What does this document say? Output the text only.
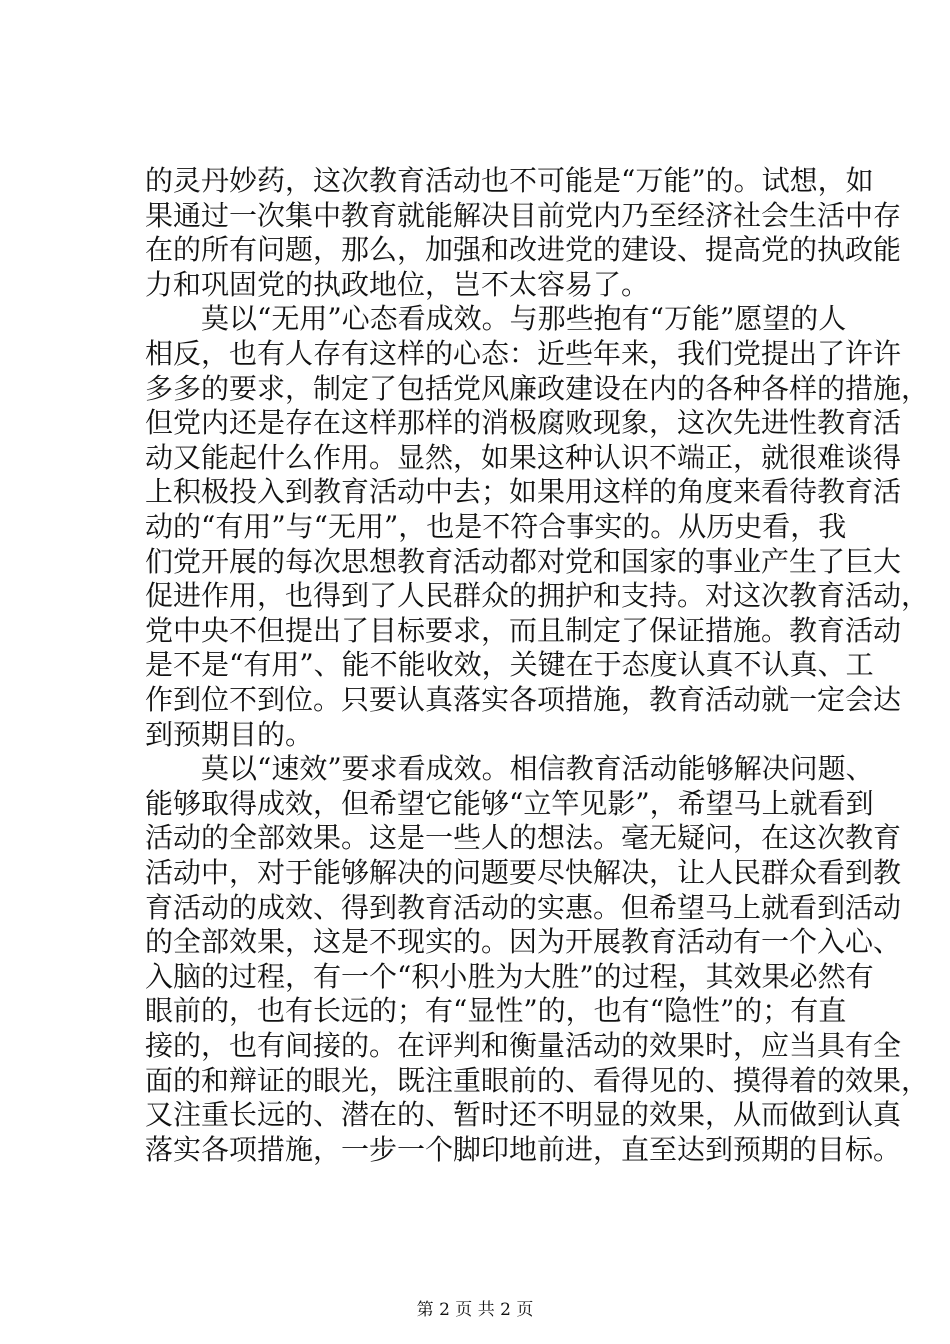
的灵丹妙药，这次教育活动也不可能是“万能”的。试想，如
果通过一次集中教育就能解决目前党内乃至经济社会生活中存
在的所有问题，那么，加强和改进党的建设、提高党的执政能
力和巩固党的执政地位，岂不太容易了。
　　莫以“无用”心态看成效。与那些抱有“万能”愿望的人
相反，也有人存有这样的心态：近些年来，我们党提出了许许
多多的要求，制定了包括党风廉政建设在内的各种各样的措施，
但党内还是存在这样那样的消极腐败现象，这次先进性教育活
动又能起什么作用。显然，如果这种认识不端正，就很难谈得
上积极投入到教育活动中去；如果用这样的角度来看待教育活
动的“有用”与“无用”，也是不符合事实的。从历史看，我
们党开展的每次思想教育活动都对党和国家的事业产生了巨大
促进作用，也得到了人民群众的拥护和支持。对这次教育活动，
党中央不但提出了目标要求，而且制定了保证措施。教育活动
是不是“有用”、能不能收效，关键在于态度认真不认真、工
作到位不到位。只要认真落实各项措施，教育活动就一定会达
到预期目的。
　　莫以“速效”要求看成效。相信教育活动能够解决问题、
能够取得成效，但希望它能够“立竿见影”，希望马上就看到
活动的全部效果。这是一些人的想法。毫无疑问，在这次教育
活动中，对于能够解决的问题要尽快解决，让人民群众看到教
育活动的成效、得到教育活动的实惠。但希望马上就看到活动
的全部效果，这是不现实的。因为开展教育活动有一个入心、
入脑的过程，有一个“积小胜为大胜”的过程，其效果必然有
眼前的，也有长远的；有“显性”的，也有“隐性”的；有直
接的，也有间接的。在评判和衡量活动的效果时，应当具有全
面的和辩证的眼光，既注重眼前的、看得见的、摸得着的效果，
又注重长远的、潜在的、暂时还不明显的效果，从而做到认真
落实各项措施，一步一个脚印地前进，直至达到预期的目标。
第 2 页 共 2 页
